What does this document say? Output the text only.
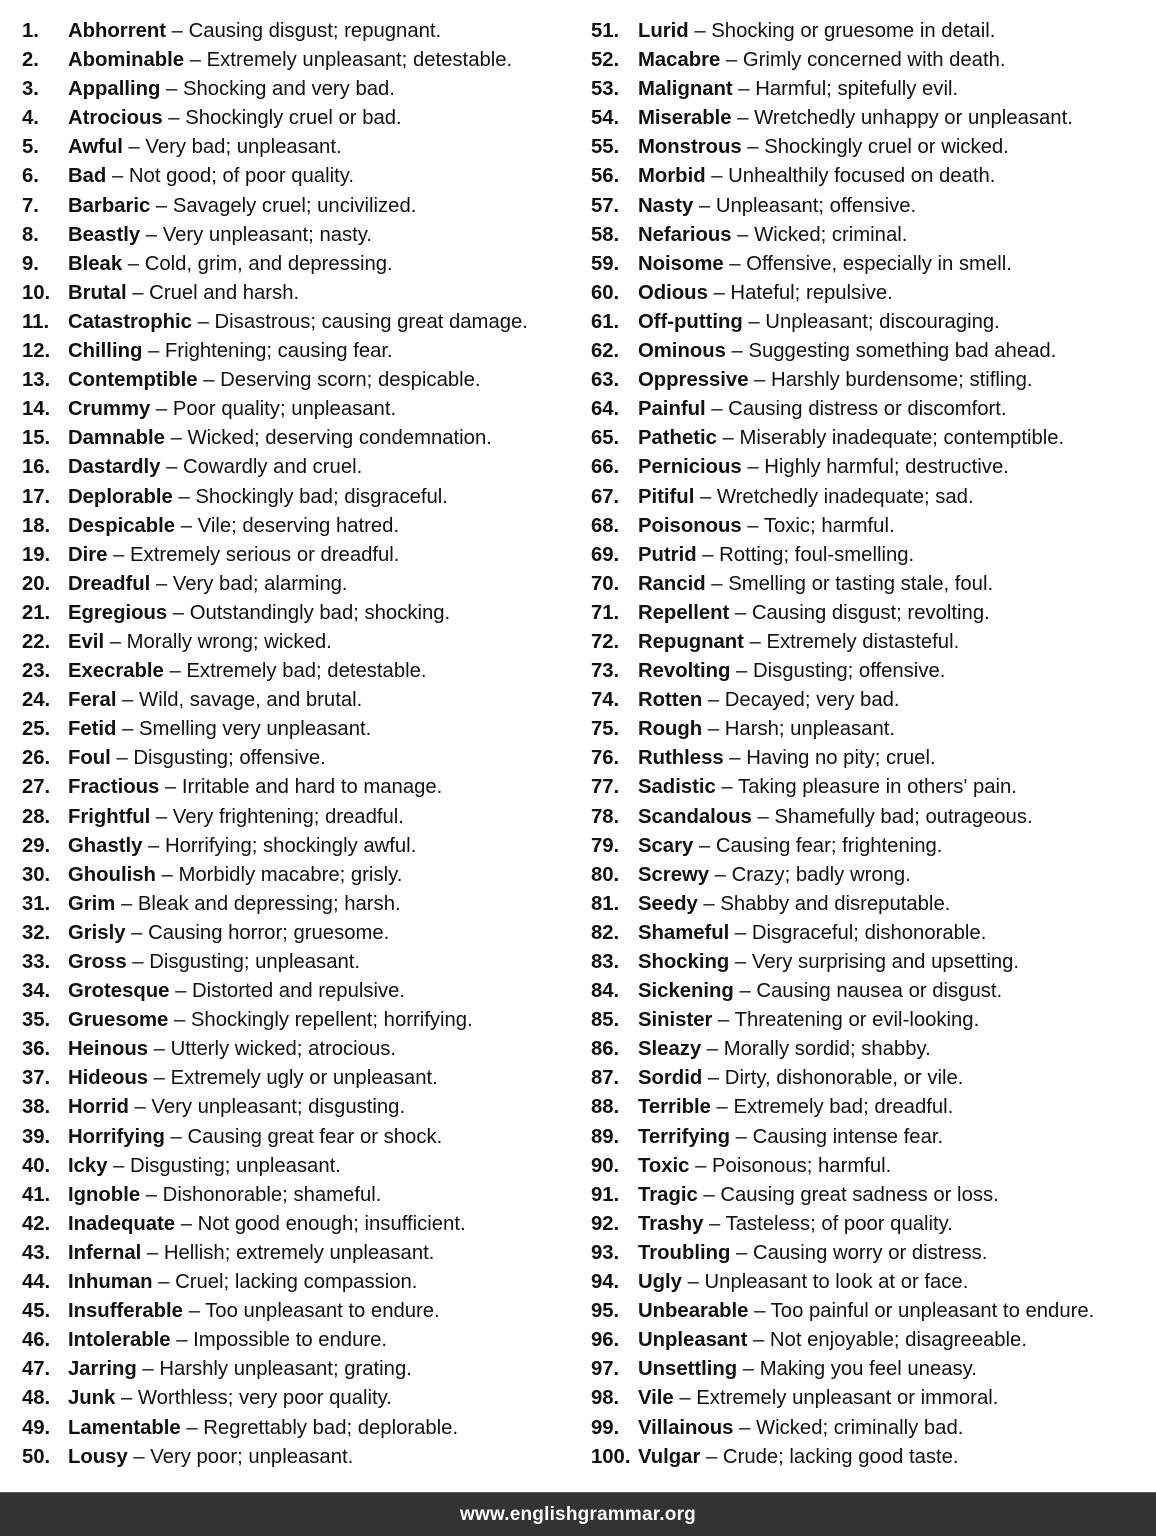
1. Abhorrent – Causing disgust; repugnant.
2. Abominable – Extremely unpleasant; detestable.
3. Appalling – Shocking and very bad.
4. Atrocious – Shockingly cruel or bad.
5. Awful – Very bad; unpleasant.
6. Bad – Not good; of poor quality.
7. Barbaric – Savagely cruel; uncivilized.
8. Beastly – Very unpleasant; nasty.
9. Bleak – Cold, grim, and depressing.
10. Brutal – Cruel and harsh.
11. Catastrophic – Disastrous; causing great damage.
12. Chilling – Frightening; causing fear.
13. Contemptible – Deserving scorn; despicable.
14. Crummy – Poor quality; unpleasant.
15. Damnable – Wicked; deserving condemnation.
16. Dastardly – Cowardly and cruel.
17. Deplorable – Shockingly bad; disgraceful.
18. Despicable – Vile; deserving hatred.
19. Dire – Extremely serious or dreadful.
20. Dreadful – Very bad; alarming.
21. Egregious – Outstandingly bad; shocking.
22. Evil – Morally wrong; wicked.
23. Execrable – Extremely bad; detestable.
24. Feral – Wild, savage, and brutal.
25. Fetid – Smelling very unpleasant.
26. Foul – Disgusting; offensive.
27. Fractious – Irritable and hard to manage.
28. Frightful – Very frightening; dreadful.
29. Ghastly – Horrifying; shockingly awful.
30. Ghoulish – Morbidly macabre; grisly.
31. Grim – Bleak and depressing; harsh.
32. Grisly – Causing horror; gruesome.
33. Gross – Disgusting; unpleasant.
34. Grotesque – Distorted and repulsive.
35. Gruesome – Shockingly repellent; horrifying.
36. Heinous – Utterly wicked; atrocious.
37. Hideous – Extremely ugly or unpleasant.
38. Horrid – Very unpleasant; disgusting.
39. Horrifying – Causing great fear or shock.
40. Icky – Disgusting; unpleasant.
41. Ignoble – Dishonorable; shameful.
42. Inadequate – Not good enough; insufficient.
43. Infernal – Hellish; extremely unpleasant.
44. Inhuman – Cruel; lacking compassion.
45. Insufferable – Too unpleasant to endure.
46. Intolerable – Impossible to endure.
47. Jarring – Harshly unpleasant; grating.
48. Junk – Worthless; very poor quality.
49. Lamentable – Regrettably bad; deplorable.
50. Lousy – Very poor; unpleasant.
51. Lurid – Shocking or gruesome in detail.
52. Macabre – Grimly concerned with death.
53. Malignant – Harmful; spitefully evil.
54. Miserable – Wretchedly unhappy or unpleasant.
55. Monstrous – Shockingly cruel or wicked.
56. Morbid – Unhealthily focused on death.
57. Nasty – Unpleasant; offensive.
58. Nefarious – Wicked; criminal.
59. Noisome – Offensive, especially in smell.
60. Odious – Hateful; repulsive.
61. Off-putting – Unpleasant; discouraging.
62. Ominous – Suggesting something bad ahead.
63. Oppressive – Harshly burdensome; stifling.
64. Painful – Causing distress or discomfort.
65. Pathetic – Miserably inadequate; contemptible.
66. Pernicious – Highly harmful; destructive.
67. Pitiful – Wretchedly inadequate; sad.
68. Poisonous – Toxic; harmful.
69. Putrid – Rotting; foul-smelling.
70. Rancid – Smelling or tasting stale, foul.
71. Repellent – Causing disgust; revolting.
72. Repugnant – Extremely distasteful.
73. Revolting – Disgusting; offensive.
74. Rotten – Decayed; very bad.
75. Rough – Harsh; unpleasant.
76. Ruthless – Having no pity; cruel.
77. Sadistic – Taking pleasure in others' pain.
78. Scandalous – Shamefully bad; outrageous.
79. Scary – Causing fear; frightening.
80. Screwy – Crazy; badly wrong.
81. Seedy – Shabby and disreputable.
82. Shameful – Disgraceful; dishonorable.
83. Shocking – Very surprising and upsetting.
84. Sickening – Causing nausea or disgust.
85. Sinister – Threatening or evil-looking.
86. Sleazy – Morally sordid; shabby.
87. Sordid – Dirty, dishonorable, or vile.
88. Terrible – Extremely bad; dreadful.
89. Terrifying – Causing intense fear.
90. Toxic – Poisonous; harmful.
91. Tragic – Causing great sadness or loss.
92. Trashy – Tasteless; of poor quality.
93. Troubling – Causing worry or distress.
94. Ugly – Unpleasant to look at or face.
95. Unbearable – Too painful or unpleasant to endure.
96. Unpleasant – Not enjoyable; disagreeable.
97. Unsettling – Making you feel uneasy.
98. Vile – Extremely unpleasant or immoral.
99. Villainous – Wicked; criminally bad.
100. Vulgar – Crude; lacking good taste.
www.englishgrammar.org
